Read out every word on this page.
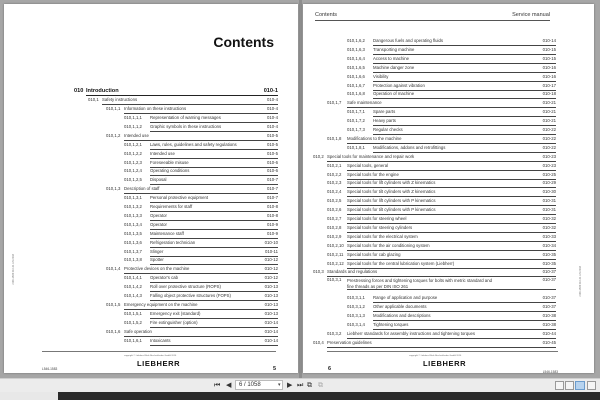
Contents
010 Introduction	010-1
010,1 Safety instructions	010-4
010,1,1 Information on these instructions	010-4
010,1,1,1 Representation of warning messages	010-4
010,1,1,2 Graphic symbols in these instructions	010-4
010,1,2 Intended use	010-5
010,1,2,1 Laws, rules, guidelines and safety regulations	010-5
010,1,2,2 Intended use	010-5
010,1,2,3 Foreseeable misuse	010-6
010,1,2,4 Operating conditions	010-6
010,1,2,5 Disposal	010-7
010,1,3 Description of staff	010-7
010,1,3,1 Personal protective equipment	010-7
010,1,3,2 Requirements for staff	010-8
010,1,3,3 Operator	010-8
010,1,3,4 Operator	010-9
010,1,3,5 Maintenance staff	010-9
010,1,3,6 Refrigeration technician	010-10
010,1,3,7 Slinger	010-11
010,1,3,8 Spotter	010-12
010,1,4 Protective devices on the machine	010-12
010,1,4,1 Operator's cab	010-12
010,1,4,2 Roll over protective structure (ROPS)	010-13
010,1,4,3 Falling object protective structures (FOPS)	010-13
010,1,5 Emergency equipment on the machine	010-13
010,1,5,1 Emergency exit (standard)	010-13
010,1,5,2 Fire extinguisher (option)	010-14
010,1,6 Safe operation	010-14
010,1,6,1 Intoxicants	010-14
L546-1583 010-01 EN 2016
L546-1583
copyright © Liebherr-Werk Bischofshofen GmbH 2016
LIEBHERR
5
Contents	Service manual
010,1,6,2 Dangerous fuels and operating fluids	010-14
010,1,6,3 Transporting machine	010-15
010,1,6,4 Access to machine	010-15
010,1,6,5 Machine danger zone	010-16
010,1,6,6 Visibility	010-16
010,1,6,7 Protection against vibration	010-17
010,1,6,8 Operation of machine	010-18
010,1,7 Safe maintenance	010-21
010,1,7,1 Spare parts	010-21
010,1,7,2 Heavy parts	010-21
010,1,7,3 Regular checks	010-22
010,1,8 Modifications to the machine	010-22
010,1,8,1 Modifications, addons and retrofittings	010-22
010,2 Special tools for maintenance and repair work	010-23
010,2,1 Special tools, general	010-23
010,2,2 Special tools for the engine	010-25
010,2,3 Special tools for lift cylinders with Z kinematics	010-29
010,2,4 Special tools for tilt cylinders with Z kinematics	010-30
010,2,5 Special tools for lift cylinders with P kinematics	010-31
010,2,6 Special tools for tilt cylinders with P kinematics	010-31
010,2,7 Special tools for steering wheel	010-32
010,2,8 Special tools for steering cylinders	010-32
010,2,9 Special tools for the electrical system	010-33
010,2,10 Special tools for the air conditioning system	010-34
010,2,11 Special tools for cab glazing	010-35
010,2,12 Special tools for the central lubrication system (Liebherr)	010-35
010,3 Standards and regulations	010-37
010,3,1 Prestressing forces and tightening torques for bolts with metric standard and fine threads as per DIN ISO 261
010-37
010,3,1,1 Range of application and purpose	010-37
010,3,1,2 Other applicable documents	010-37
010,3,1,3 Modifications and descriptions	010-38
010,3,1,4 Tightening torques	010-38
010,3,2 Liebherr standards for assembly instructions and tightening torques	010-44
010,4 Preservation guidelines	010-45
L546-1583 010-01 EN 2016
6
copyright © Liebherr-Werk Bischofshofen GmbH 2016
LIEBHERR
L546-1583
⏮ ◀
6 / 1058	▾ ▶ ⏭ ⧉ ⧉
